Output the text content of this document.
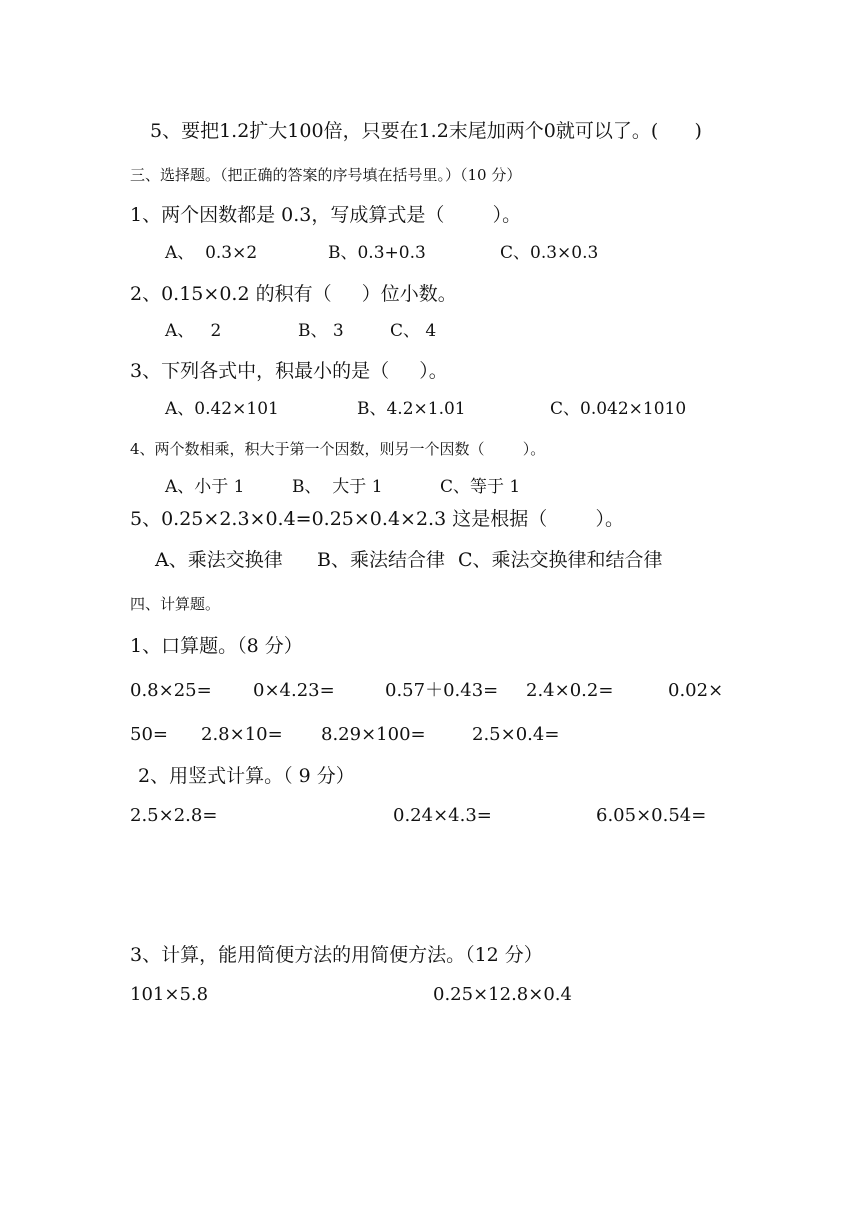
5、要把1.2扩大100倍，只要在1.2末尾加两个0就可以了。(      )
三、选择题。（把正确的答案的序号填在括号里。）（10 分）
1、两个因数都是 0.3，写成算式是（        ）。
A、  0.3×2	B、0.3+0.3	C、0.3×0.3
2、0.15×0.2 的积有（     ）位小数。
A、   2	B、 3	C、 4
3、下列各式中，积最小的是（     ）。
A、0.42×101	B、4.2×1.01	C、0.042×1010
4、两个数相乘，积大于第一个因数，则另一个因数（        ）。
A、小于 1	B、  大于 1	C、等于 1
5、0.25×2.3×0.4=0.25×0.4×2.3 这是根据（        ）。
A、乘法交换律 B、乘法结合律 C、乘法交换律和结合律
四、计算题。
1、口算题。（8 分）
0.8×25= 0×4.23=	0.57＋0.43= 2.4×0.2=	0.02×
50= 2.8×10= 8.29×100=	2.5×0.4=
2、用竖式计算。（ 9 分）
2.5×2.8=	0.24×4.3=	6.05×0.54=
3、计算，能用简便方法的用简便方法。（12 分）
101×5.8	0.25×12.8×0.4
